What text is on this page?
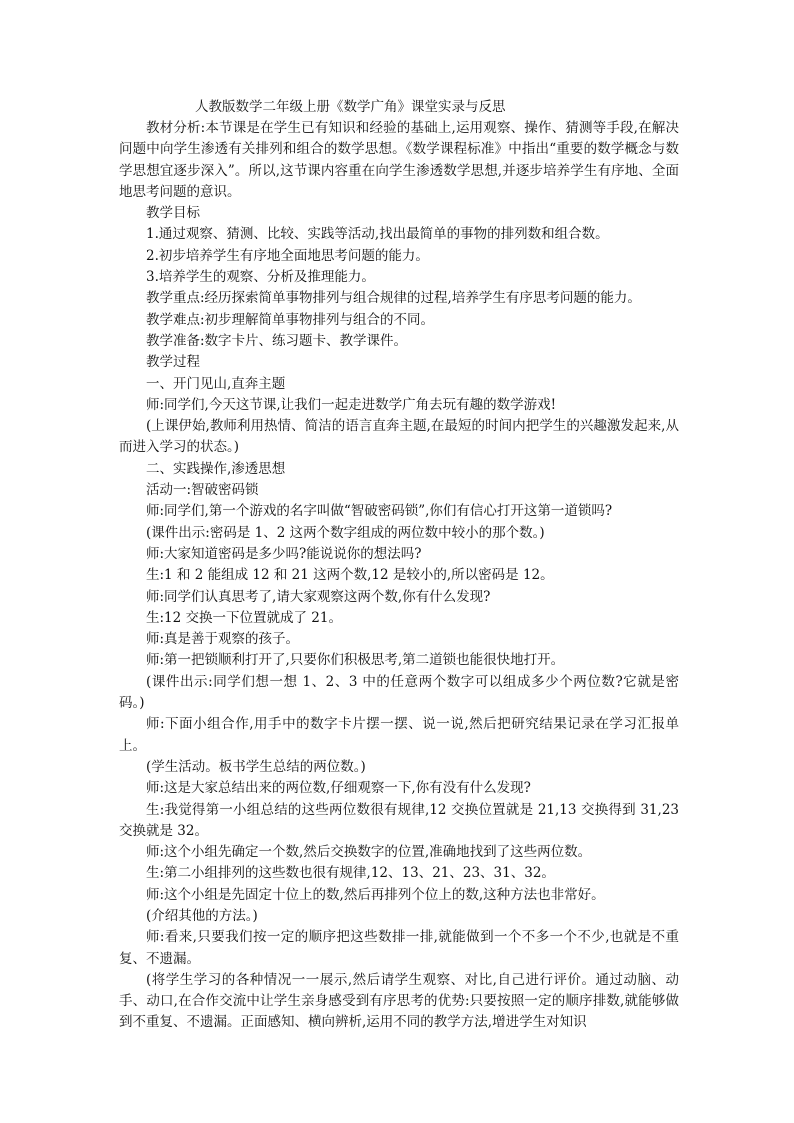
人教版数学二年级上册《数学广角》课堂实录与反思

教材分析:本节课是在学生已有知识和经验的基础上,运用观察、操作、猜测等手段,在解决问题中向学生渗透有关排列和组合的数学思想。《数学课程标准》中指出“重要的数学概念与数学思想宜逐步深入”。所以,这节课内容重在向学生渗透数学思想,并逐步培养学生有序地、全面地思考问题的意识。

教学目标

1.通过观察、猜测、比较、实践等活动,找出最简单的事物的排列数和组合数。

2.初步培养学生有序地全面地思考问题的能力。

3.培养学生的观察、分析及推理能力。

教学重点:经历探索简单事物排列与组合规律的过程,培养学生有序思考问题的能力。

教学难点:初步理解简单事物排列与组合的不同。

教学准备:数字卡片、练习题卡、教学课件。

教学过程

一、开门见山,直奔主题

师:同学们,今天这节课,让我们一起走进数学广角去玩有趣的数学游戏!

(上课伊始,教师利用热情、简洁的语言直奔主题,在最短的时间内把学生的兴趣激发起来,从而进入学习的状态。)

二、实践操作,渗透思想

活动一:智破密码锁

师:同学们,第一个游戏的名字叫做“智破密码锁”,你们有信心打开这第一道锁吗?

(课件出示:密码是 1、2 这两个数字组成的两位数中较小的那个数。)

师:大家知道密码是多少吗?能说说你的想法吗?

生:1 和 2 能组成 12 和 21 这两个数,12 是较小的,所以密码是 12。

师:同学们认真思考了,请大家观察这两个数,你有什么发现?

生:12 交换一下位置就成了 21。

师:真是善于观察的孩子。

师:第一把锁顺利打开了,只要你们积极思考,第二道锁也能很快地打开。

(课件出示:同学们想一想 1、2、3 中的任意两个数字可以组成多少个两位数?它就是密码。)

师:下面小组合作,用手中的数字卡片摆一摆、说一说,然后把研究结果记录在学习汇报单上。

(学生活动。板书学生总结的两位数。)

师:这是大家总结出来的两位数,仔细观察一下,你有没有什么发现?

生:我觉得第一小组总结的这些两位数很有规律,12 交换位置就是 21,13 交换得到 31,23 交换就是 32。

师:这个小组先确定一个数,然后交换数字的位置,准确地找到了这些两位数。

生:第二小组排列的这些数也很有规律,12、13、21、23、31、32。

师:这个小组是先固定十位上的数,然后再排列个位上的数,这种方法也非常好。

(介绍其他的方法。)

师:看来,只要我们按一定的顺序把这些数排一排,就能做到一个不多一个不少,也就是不重复、不遗漏。

(将学生学习的各种情况一一展示,然后请学生观察、对比,自己进行评价。通过动脑、动手、动口,在合作交流中让学生亲身感受到有序思考的优势:只要按照一定的顺序排数,就能够做到不重复、不遗漏。正面感知、横向辨析,运用不同的教学方法,增进学生对知识
